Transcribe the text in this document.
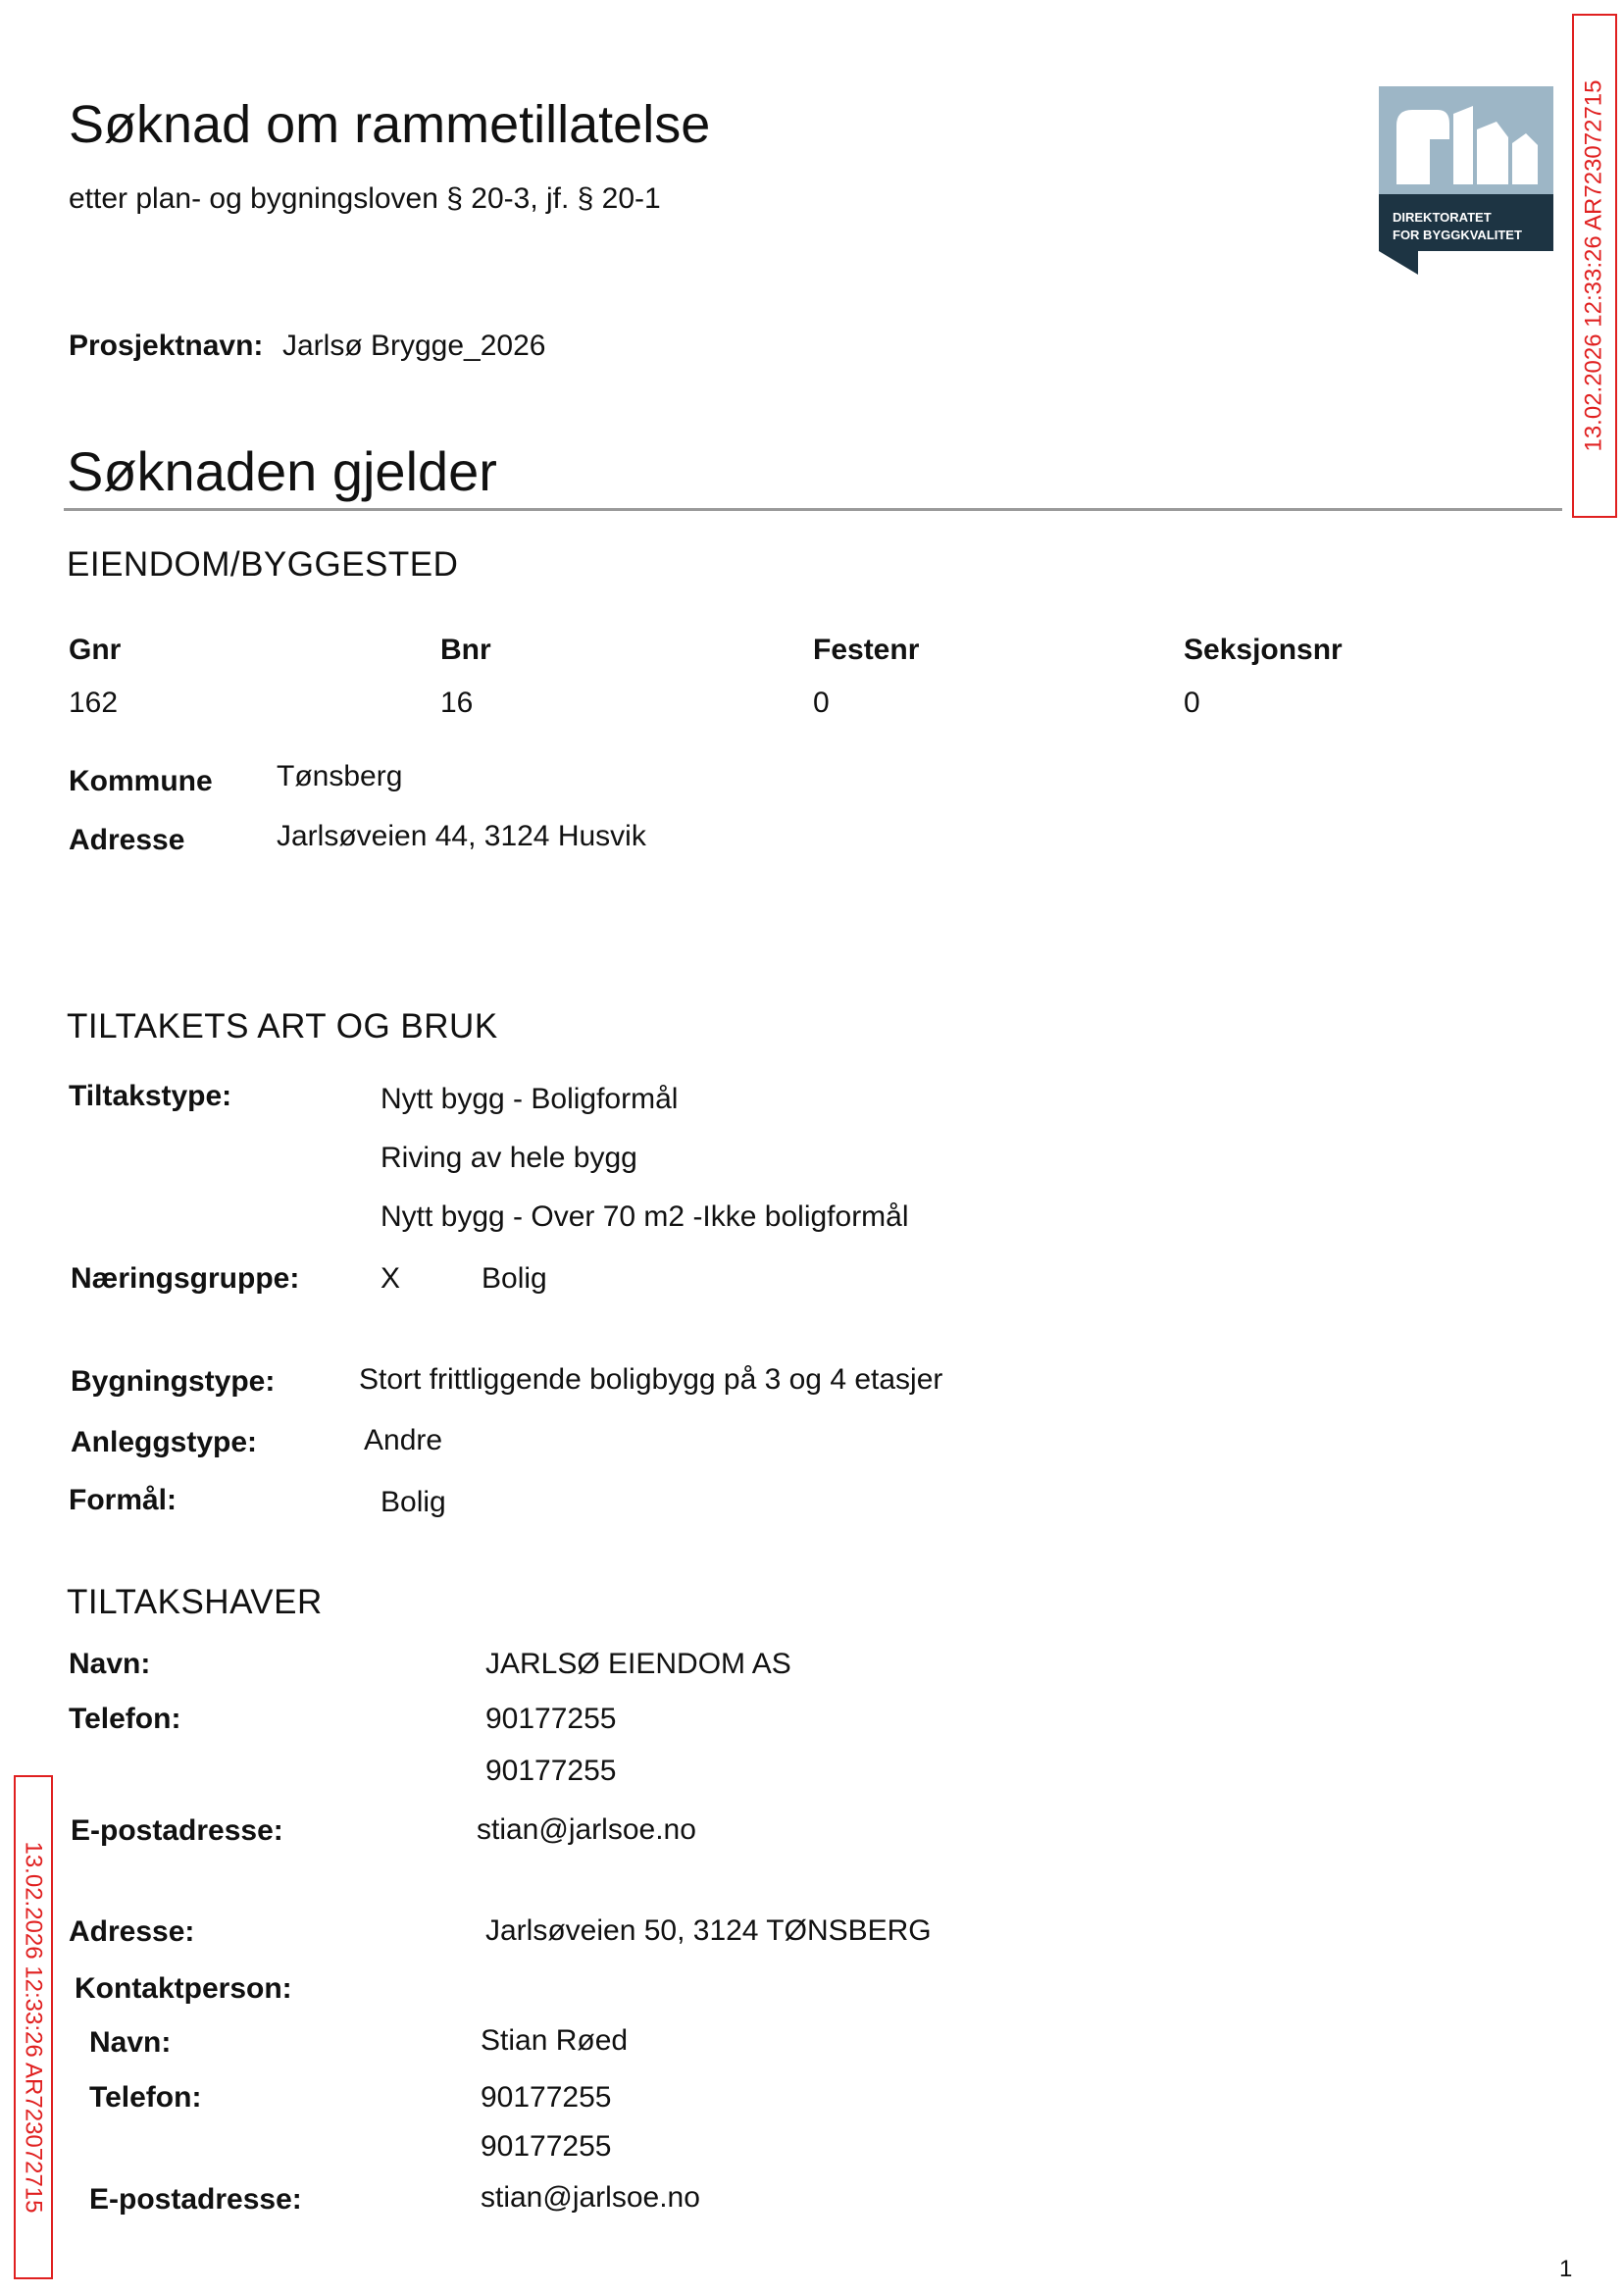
Søknad om rammetillatelse
etter plan- og bygningsloven § 20-3, jf. § 20-1
DIREKTORATET
FOR BYGGKVALITET	13.02.2026 12:33:26 AR723072715
13.02.2026 12:33:26 AR723072715
Prosjektnavn: Jarlsø Brygge_2026
Søknaden gjelder
EIENDOM/BYGGESTED
Gnr	Bnr	Festenr	Seksjonsnr
162	16	0	0
Kommune Tønsberg
Adresse	Jarlsøveien 44, 3124 Husvik
TILTAKETS ART OG BRUK
Tiltakstype:	Nytt bygg - Boligformål
Riving av hele bygg
Nytt bygg - Over 70 m2 -Ikke boligformål
Næringsgruppe:	X	Bolig
Bygningstype:	Stort frittliggende boligbygg på 3 og 4 etasjer
Anleggstype:	Andre
Formål:	Bolig
TILTAKSHAVER
Navn:	JARLSØ EIENDOM AS
Telefon:	90177255
90177255
E-postadresse:	stian@jarlsoe.no
Adresse:	Jarlsøveien 50, 3124 TØNSBERG
Kontaktperson:
Navn:	Stian Røed
Telefon:	90177255
90177255
E-postadresse:	stian@jarlsoe.no
1
